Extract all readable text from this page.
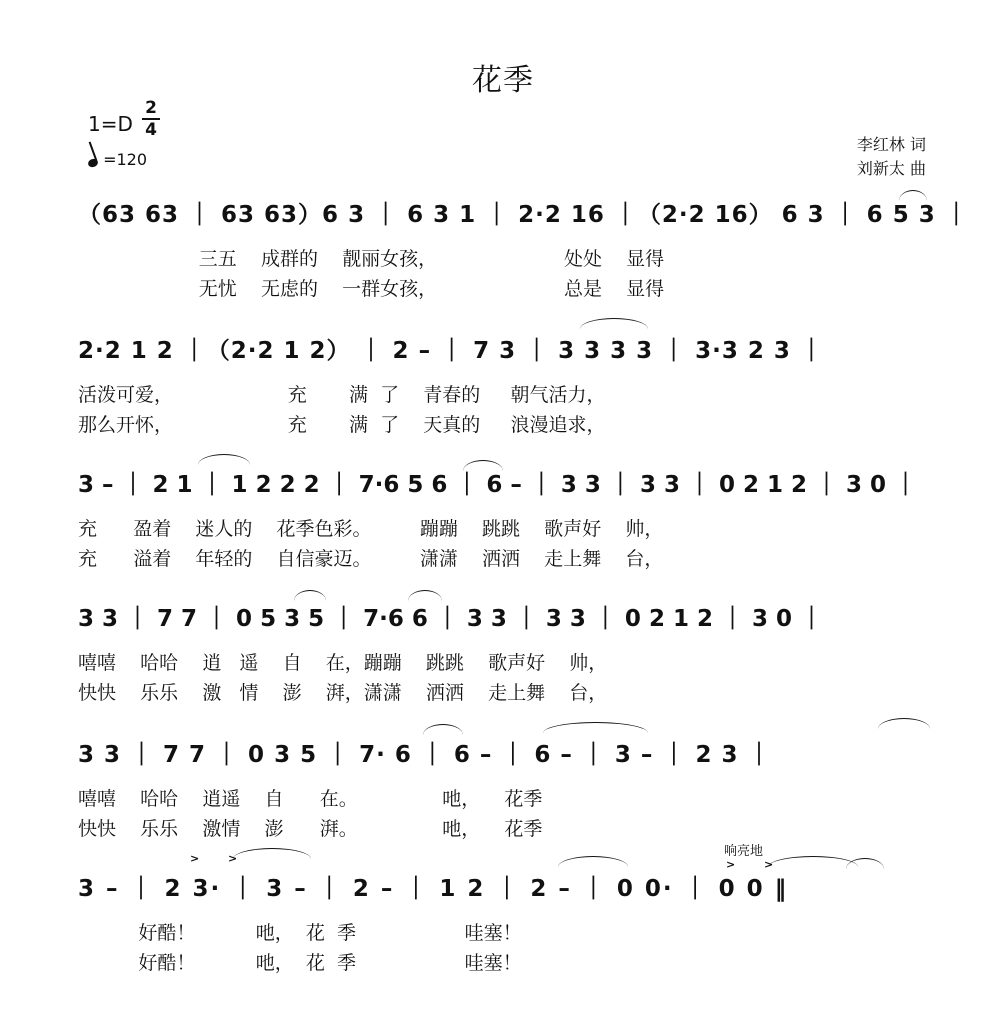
花季
1=D
2
4
=120
李红林 词
刘新太 曲
（63 63 ｜ 63 63）6 3 ｜ 6 3 1 ｜ 2·2 16 ｜（2·2 16） 6 3 ｜ 6 5 3 ｜
三五    成群的    靓丽女孩，                     处处    显得
无忧    无虑的    一群女孩，                     总是    显得
2·2 1 2 ｜（2·2 1 2） ｜ 2 – ｜ 7 3 ｜ 3 3 3 3 ｜ 3·3 2 3 ｜
活泼可爱，                   充       满  了    青春的     朝气活力，
那么开怀，                   充       满  了    天真的     浪漫追求，
3 – ｜ 2 1 ｜ 1 2 2 2 ｜ 7·6 5 6 ｜ 6 – ｜ 3 3 ｜ 3 3 ｜ 0 2 1 2 ｜ 3 0 ｜
充      盈着    迷人的    花季色彩。        蹦蹦    跳跳    歌声好    帅，
充      溢着    年轻的    自信豪迈。        潇潇    洒洒    走上舞    台，
3 3 ｜ 7 7 ｜ 0 5 3 5 ｜ 7·6 6 ｜ 3 3 ｜ 3 3 ｜ 0 2 1 2 ｜ 3 0 ｜
嘻嘻    哈哈    逍   遥    自    在，蹦蹦    跳跳    歌声好    帅，
快快    乐乐    激   情    澎    湃，潇潇    洒洒    走上舞    台，
3 3 ｜ 7 7 ｜ 0 3 5 ｜ 7· 6 ｜ 6 – ｜ 6 – ｜ 3 – ｜ 2 3 ｜
嘻嘻    哈哈    逍遥    自      在。              吔，    花季
快快    乐乐    激情    澎      湃。              吔，    花季
3 – ｜ 2 3· ｜ 3 – ｜ 2 – ｜ 1 2 ｜ 2 – ｜ 0 0· ｜ 0 0 ‖
响亮地
>	>	>	>
好酷！          吔，  花  季                  哇塞！
好酷！          吔，  花  季                  哇塞！
